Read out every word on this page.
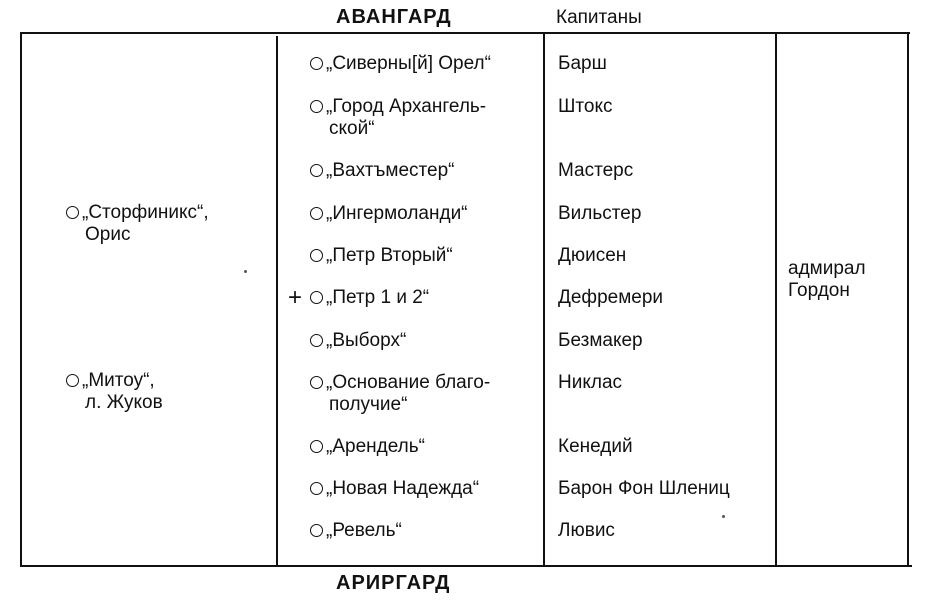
АВАНГАРД	Капитаны
„Сторфиникс“,
Орис
„Митоу“,
л. Жуков
„Сиверны[й] Орел“
„Город Архангель-
ской“
„Вахтъместер“
„Ингермоланди“
„Петр Вторый“
+	„Петр 1 и 2“
„Выборх“
„Основание благо-
получие“
„Арендель“
„Новая Надежда“
„Ревель“
Барш
Штокс
Мастерс
Вильстер
Дюисен
Дефремери
Безмакер
Никлас
Кенедий
Барон Фон Шлениц
Лювис
адмирал
Гордон
АРИРГАРД
